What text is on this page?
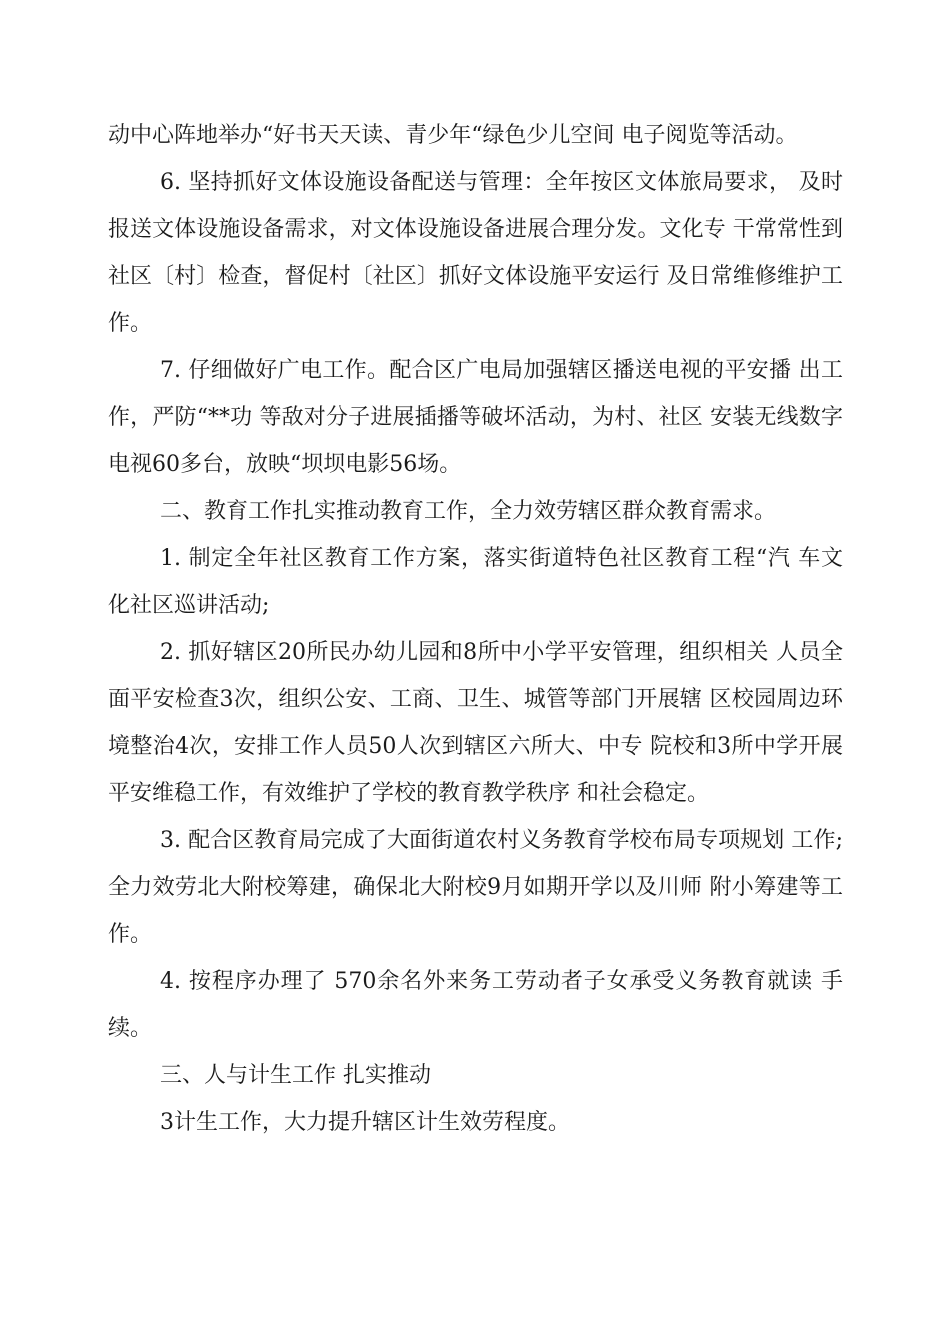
动中心阵地举办“好书天天读、青少年“绿色少儿空间 电子阅览等活动。

6. 坚持抓好文体设施设备配送与管理：全年按区文体旅局要求， 及时报送文体设施设备需求，对文体设施设备进展合理分发。文化专 干常常性到社区〔村〕检查，督促村〔社区〕抓好文体设施平安运行 及日常维修维护工作。

7. 仔细做好广电工作。配合区广电局加强辖区播送电视的平安播 出工作，严防“**功 等敌对分子进展插播等破坏活动，为村、社区 安装无线数字电视60多台，放映“坝坝电影56场。

二、教育工作扎实推动教育工作，全力效劳辖区群众教育需求。

1. 制定全年社区教育工作方案，落实街道特色社区教育工程“汽 车文化社区巡讲活动;

2. 抓好辖区20所民办幼儿园和8所中小学平安管理，组织相关 人员全面平安检查3次，组织公安、工商、卫生、城管等部门开展辖 区校园周边环境整治4次，安排工作人员50人次到辖区六所大、中专 院校和3所中学开展平安维稳工作，有效维护了学校的教育教学秩序 和社会稳定。

3. 配合区教育局完成了大面街道农村义务教育学校布局专项规划 工作;全力效劳北大附校筹建，确保北大附校9月如期开学以及川师 附小筹建等工作。

4. 按程序办理了 570余名外来务工劳动者子女承受义务教育就读 手续。

三、人与计生工作 扎实推动

3计生工作，大力提升辖区计生效劳程度。
